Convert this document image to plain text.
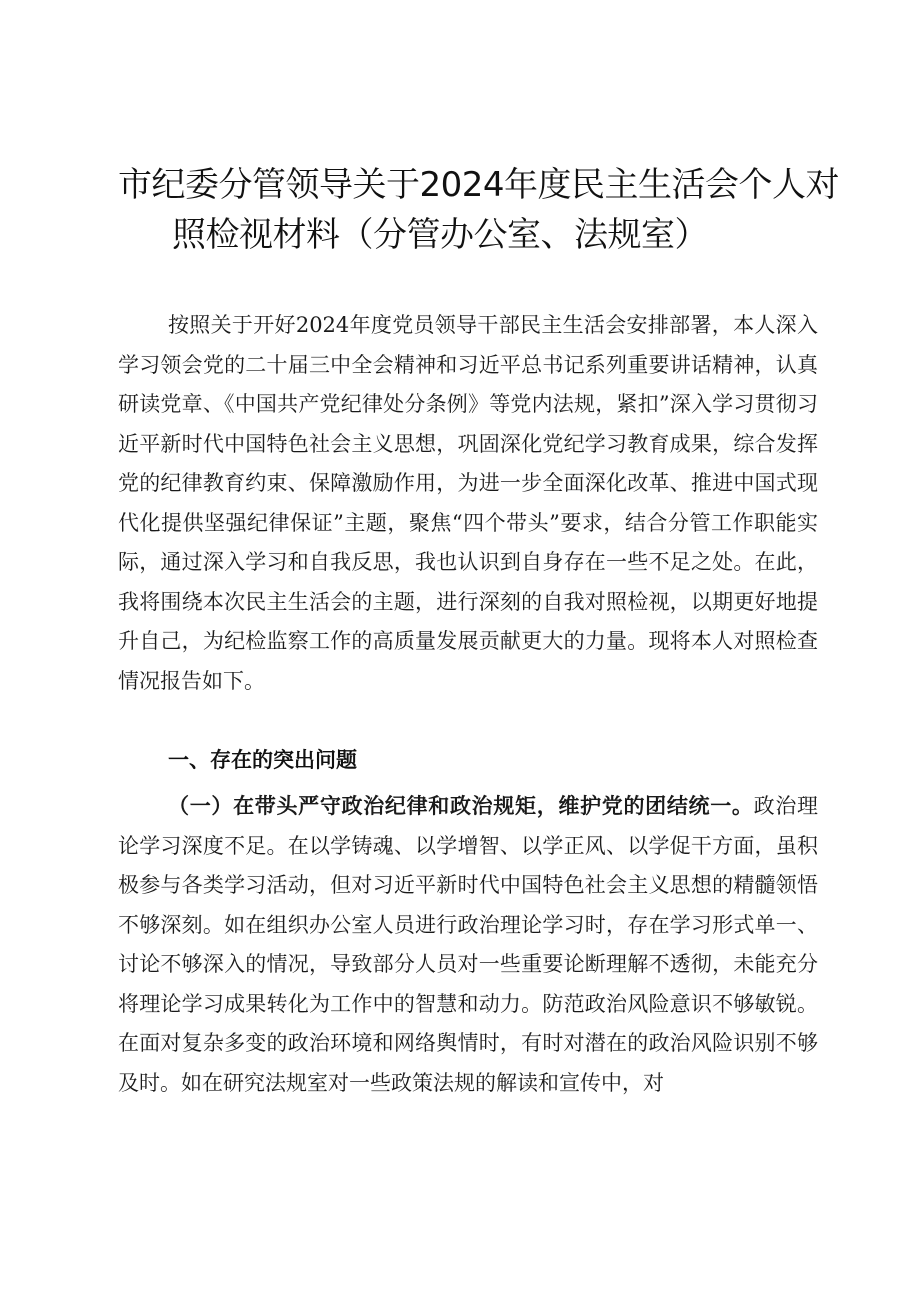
市纪委分管领导关于2024年度民主生活会个人对
照检视材料（分管办公室、法规室）

按照关于开好2024年度党员领导干部民主生活会安排部署，本人深入学习领会党的二十届三中全会精神和习近平总书记系列重要讲话精神，认真研读党章、《中国共产党纪律处分条例》等党内法规，紧扣”深入学习贯彻习近平新时代中国特色社会主义思想，巩固深化党纪学习教育成果，综合发挥党的纪律教育约束、保障激励作用，为进一步全面深化改革、推进中国式现代化提供坚强纪律保证”主题，聚焦“四个带头”要求，结合分管工作职能实际，通过深入学习和自我反思，我也认识到自身存在一些不足之处。在此，我将围绕本次民主生活会的主题，进行深刻的自我对照检视，以期更好地提升自己，为纪检监察工作的高质量发展贡献更大的力量。现将本人对照检查情况报告如下。

一、存在的突出问题

（一）在带头严守政治纪律和政治规矩，维护党的团结统一。政治理论学习深度不足。在以学铸魂、以学增智、以学正风、以学促干方面，虽积极参与各类学习活动，但对习近平新时代中国特色社会主义思想的精髓领悟不够深刻。如在组织办公室人员进行政治理论学习时，存在学习形式单一、讨论不够深入的情况，导致部分人员对一些重要论断理解不透彻，未能充分将理论学习成果转化为工作中的智慧和动力。防范政治风险意识不够敏锐。在面对复杂多变的政治环境和网络舆情时，有时对潜在的政治风险识别不够及时。如在研究法规室对一些政策法规的解读和宣传中，对
